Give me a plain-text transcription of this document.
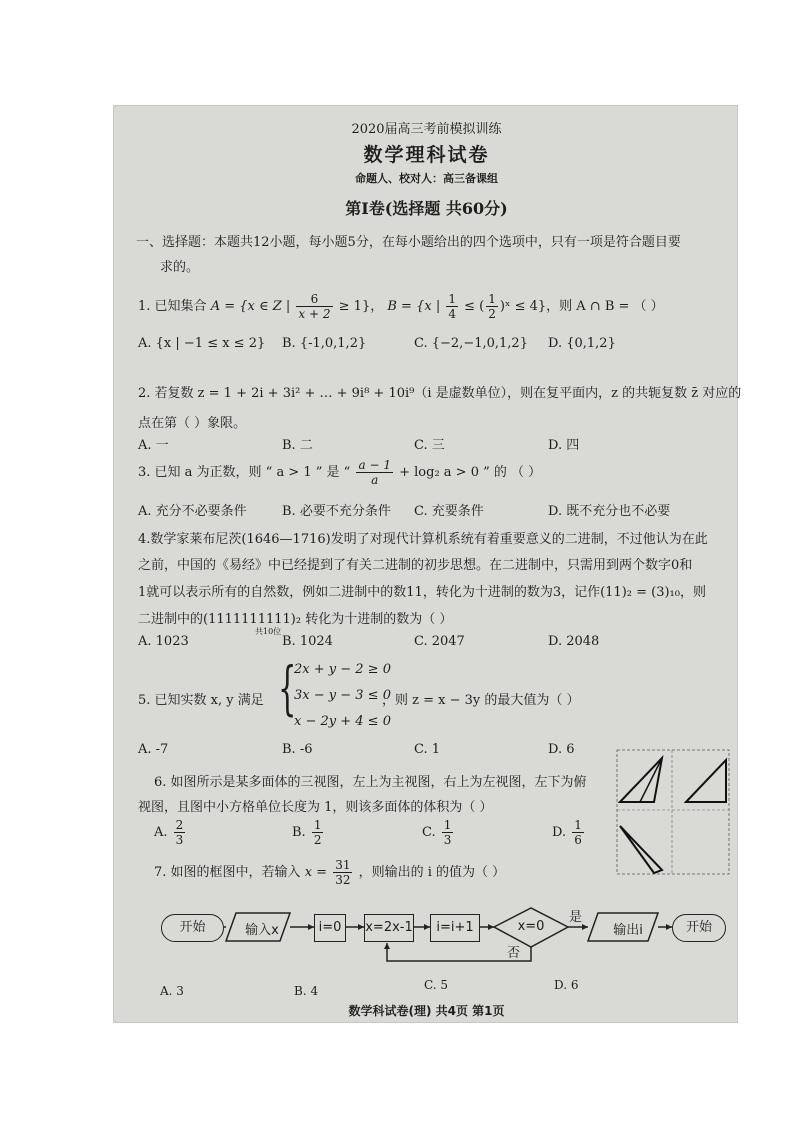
2020届高三考前模拟训练
数学理科试卷
命题人、校对人：高三备课组
第Ⅰ卷(选择题 共60分)
一、选择题：本题共12小题，每小题5分，在每小题给出的四个选项中，只有一项是符合题目要
求的。
1. 已知集合 A = {x ∈ Z | $\frac{6}{x + 2} \ge 1$}， B = {x | $\frac{1}{4}$ ≤ ( $\frac{1}{2}$ )ˣ ≤ 4}，则 A ∩ B = （ ）
A. {x | −1 ≤ x ≤ 2} B. {-1,0,1,2}	C. {−2,−1,0,1,2} D. {0,1,2}
2. 若复数 z = 1 + 2i + 3i² + … + 9i⁸ + 10i⁹（i 是虚数单位），则在复平面内，z 的共轭复数 z̄ 对应的
点在第（ ）象限。
A. 一	B. 二	C. 三	D. 四
3. 已知 a 为正数，则 “ a > 1 ” 是 “ $\frac{a - 1}{a} + \log_2$ a > 0 ” 的 （ ）
A. 充分不必要条件	B. 必要不充分条件 C. 充要条件	D. 既不充分也不必要
4.数学家莱布尼茨(1646—1716)发明了对现代计算机系统有着重要意义的二进制，不过他认为在此
之前，中国的《易经》中已经提到了有关二进制的初步思想。在二进制中，只需用到两个数字0和
1就可以表示所有的自然数，例如二进制中的数11，转化为十进制的数为3，记作(11)₂ = (3)₁₀，则
二进制中的(1111111111)₂ 转化为十进制的数为（ ）
共10位
A. 1023	B. 1024	C. 2047	D. 2048
5. 已知实数 x, y 满足 {
2x + y − 2 ≥ 0
3x − y − 3 ≤ 0
x − 2y + 4 ≤ 0
，则 z = x − 3y 的最大值为（ ）
A. -7	B. -6	C. 1	D. 6
6. 如图所示是某多面体的三视图，左上为主视图，右上为左视图，左下为俯
视图，且图中小方格单位长度为 1，则该多面体的体积为（ ）
A. $\frac{2}{3}$	B. $\frac{1}{2}$	C. $\frac{1}{3}$	D. $\frac{1}{6}$
7. 如图的框图中，若输入 $x = \frac{31}{32}$ ，则输出的 i 的值为（ ）
开始	输入x	i=0	x=2x-1	i=i+1	x=0
是
否
输出i	开始
A. 3	B. 4	C. 5	D. 6
数学科试卷(理) 共4页 第1页
